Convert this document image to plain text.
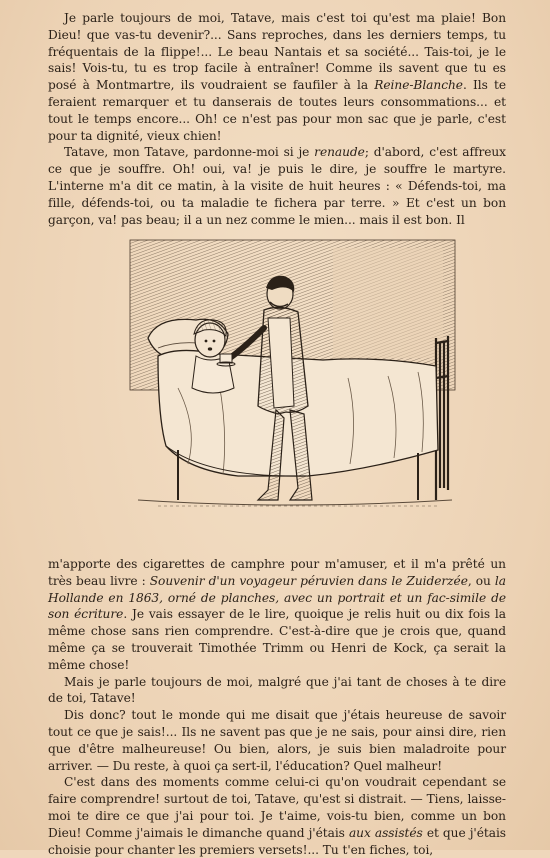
Je parle toujours de moi, Tatave, mais c'est toi qu'est ma plaie! Bon Dieu! que vas-tu devenir?... Sans reproches, dans les derniers temps, tu fréquentais de la flippe!... Le beau Nantais et sa société... Tais-toi, je le sais! Vois-tu, tu es trop facile à entraîner! Comme ils savent que tu es posé à Montmartre, ils voudraient se faufiler à la Reine-Blanche. Ils te feraient remarquer et tu danserais de toutes leurs consommations... et tout le temps encore... Oh! ce n'est pas pour mon sac que je parle, c'est pour ta dignité, vieux chien!

Tatave, mon Tatave, pardonne-moi si je renaude; d'abord, c'est affreux ce que je souffre. Oh! oui, va! je puis le dire, je souffre le martyre. L'interne m'a dit ce matin, à la visite de huit heures : « Défends-toi, ma fille, défends-toi, ou ta maladie te fichera par terre. » Et c'est un bon garçon, va! pas beau; il a un nez comme le mien... mais il est bon. Il

m'apporte des cigarettes de camphre pour m'amuser, et il m'a prêté un très beau livre : Souvenir d'un voyageur péruvien dans le Zuiderzée, ou la Hollande en 1863, orné de planches, avec un portrait et un fac-simile de son écriture. Je vais essayer de le lire, quoique je relis huit ou dix fois la même chose sans rien comprendre. C'est-à-dire que je crois que, quand même ça se trouverait Timothée Trimm ou Henri de Kock, ça serait la même chose!

Mais je parle toujours de moi, malgré que j'ai tant de choses à te dire de toi, Tatave!

Dis donc? tout le monde qui me disait que j'étais heureuse de savoir tout ce que je sais!... Ils ne savent pas que je ne sais, pour ainsi dire, rien que d'être malheureuse! Ou bien, alors, je suis bien maladroite pour arriver. — Du reste, à quoi ça sert-il, l'éducation? Quel malheur!

C'est dans des moments comme celui-ci qu'on voudrait cependant se faire comprendre! surtout de toi, Tatave, qu'est si distrait. — Tiens, laisse-moi te dire ce que j'ai pour toi. Je t'aime, vois-tu bien, comme un bon Dieu! Comme j'aimais le dimanche quand j'étais aux assistés et que j'étais choisie pour chanter les premiers versets!... Tu t'en fiches, toi,
